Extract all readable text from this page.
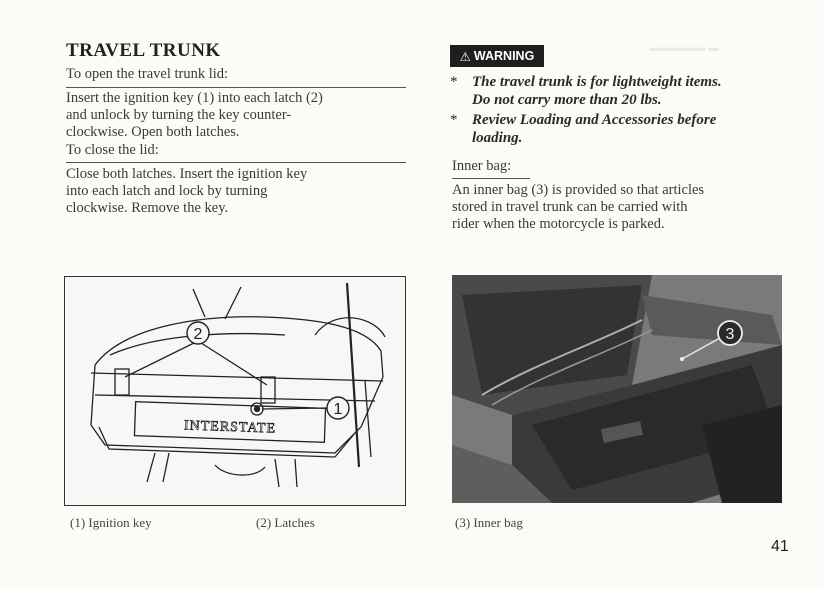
▬▬▬▬▬ ▬
TRAVEL TRUNK
To open the travel trunk lid:
Insert the ignition key (1) into each latch (2)
and unlock by turning the key counter-
clockwise. Open both latches.
To close the lid:
Close both latches. Insert the ignition key
into each latch and lock by turning
clockwise. Remove the key.
2
1
INTERSTATE
(1) Ignition key	(2) Latches
⚠ WARNING
* The travel trunk is for lightweight items.
Do not carry more than 20 lbs.
* Review Loading and Accessories before
loading.
Inner bag:
An inner bag (3) is provided so that articles
stored in travel trunk can be carried with
rider when the motorcycle is parked.
3
(3) Inner bag
41
